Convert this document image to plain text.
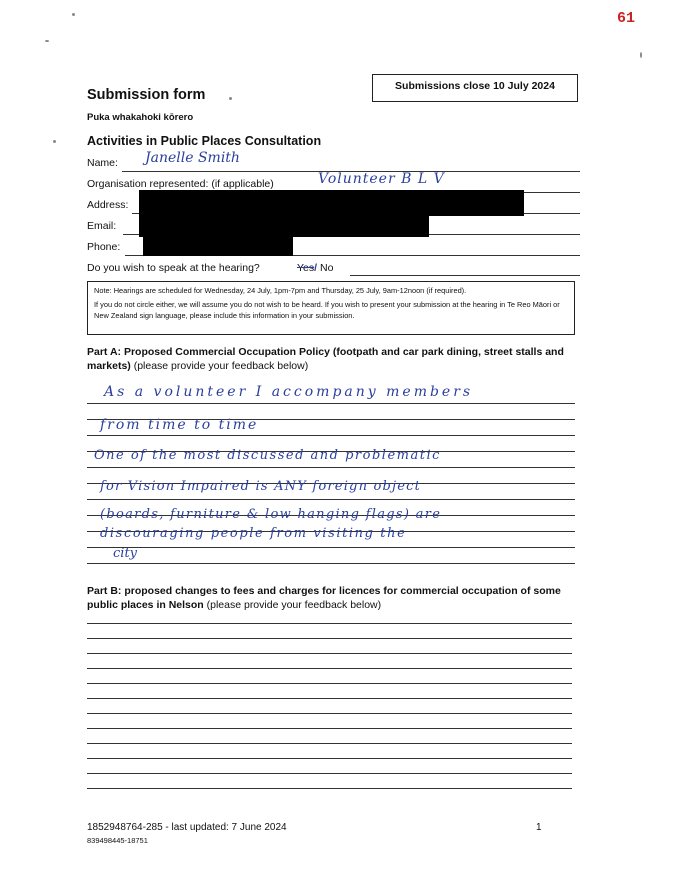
61
Submissions close 10 July 2024
Submission form
Puka whakahoki kōrero
Activities in Public Places Consultation
Name: Janelle Smith
Organisation represented: (if applicable)	Volunteer B L V
Address:
Email:
Phone:
Do you wish to speak at the hearing?	Yes/ No

Note: Hearings are scheduled for Wednesday, 24 July, 1pm-7pm and Thursday, 25 July, 9am-12noon (if required).

If you do not circle either, we will assume you do not wish to be heard. If you wish to present your submission at the hearing in Te Reo Māori or New Zealand sign language, please include this information in your submission.

Part A: Proposed Commercial Occupation Policy (footpath and car park dining, street stalls and markets) (please provide your feedback below)
As a volunteer I accompany members
from time to time
One of the most discussed and problematic
for Vision Impaired is ANY foreign object
(boards, furniture & low hanging flags) are
discouraging people from visiting the
city
Part B: proposed changes to fees and charges for licences for commercial occupation of some public places in Nelson (please provide your feedback below)
1852948764-285 - last updated: 7 June 2024
839498445-18751
1
